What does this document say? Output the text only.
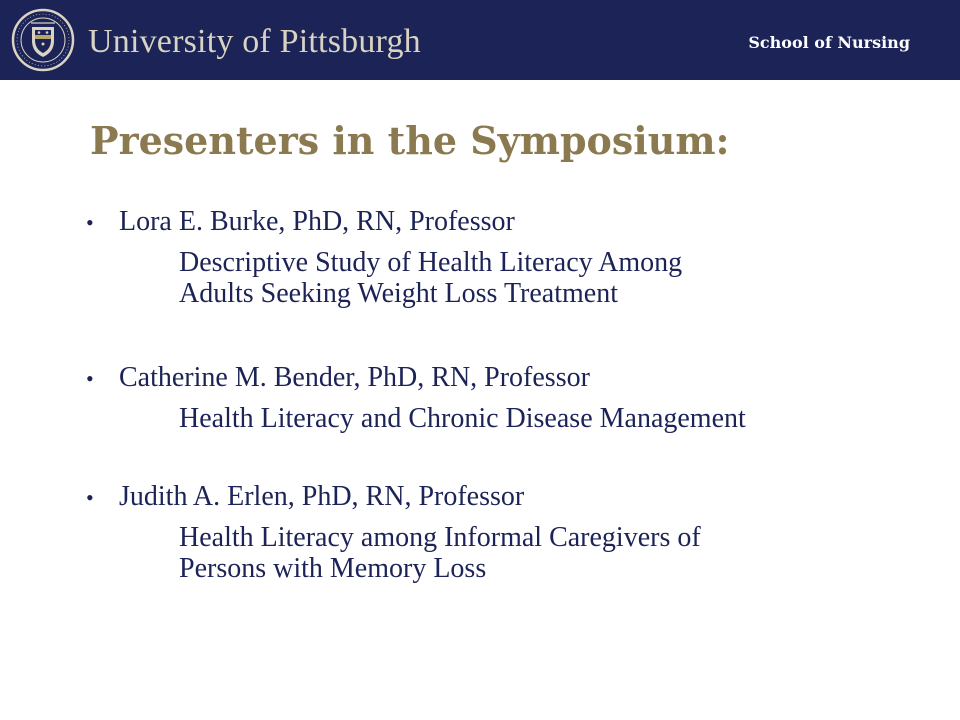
University of Pittsburgh	School of Nursing
Presenters in the Symposium:
• Lora E. Burke, PhD, RN, Professor
Descriptive Study of Health Literacy Among
Adults Seeking Weight Loss Treatment
• Catherine M. Bender, PhD, RN, Professor
Health Literacy and Chronic Disease Management
• Judith A. Erlen, PhD, RN, Professor
Health Literacy among Informal Caregivers of
Persons with Memory Loss
